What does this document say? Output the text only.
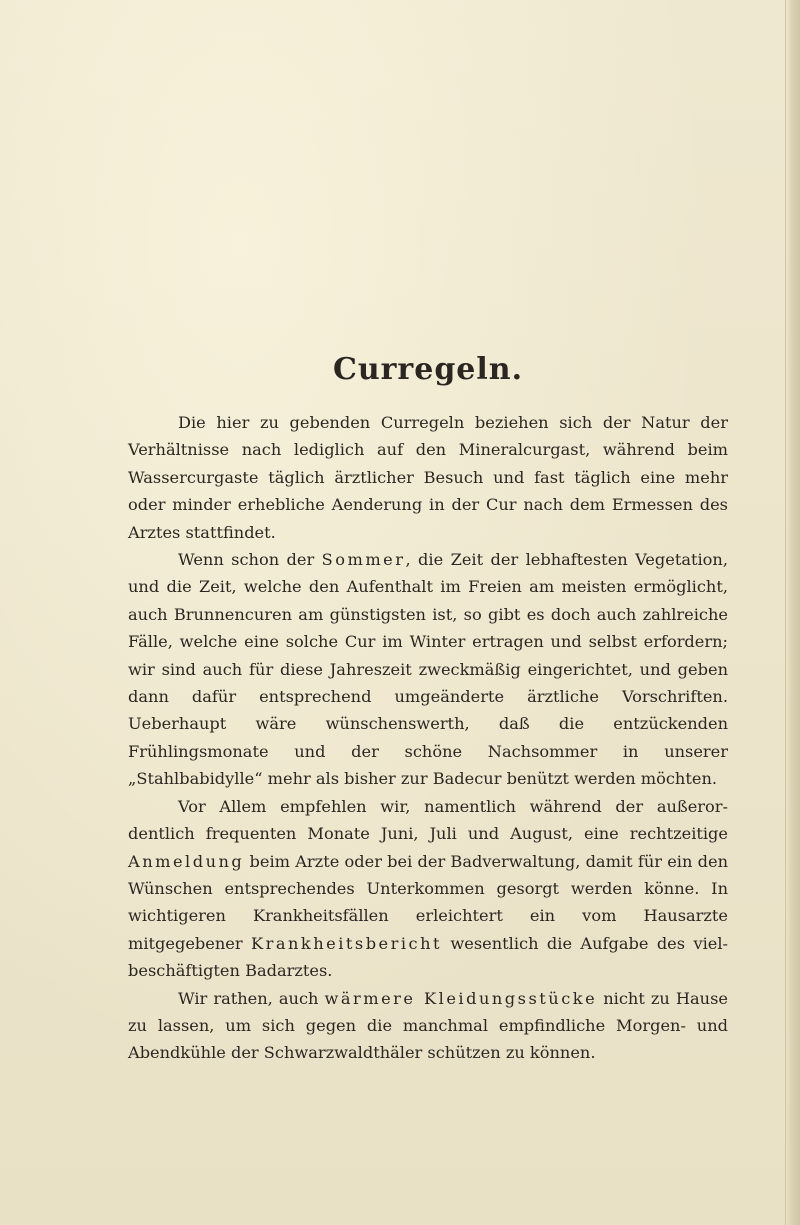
Curregeln.

Die hier zu gebenden Curregeln beziehen sich der Natur der Verhältnisse nach lediglich auf den Mineralcurgast, während beim Wassercurgaste täglich ärztlicher Besuch und fast täglich eine mehr oder minder erhebliche Aenderung in der Cur nach dem Ermessen des Arztes stattfindet.

Wenn schon der Sommer, die Zeit der lebhaftesten Vegetation, und die Zeit, welche den Aufenthalt im Freien am meisten ermöglicht, auch Brunnencuren am günstigsten ist, so gibt es doch auch zahlreiche Fälle, welche eine solche Cur im Winter ertragen und selbst erfordern; wir sind auch für diese Jahreszeit zweckmäßig eingerichtet, und geben dann dafür entsprechend umgeänderte ärztliche Vorschriften. Ueberhaupt wäre wünschenswerth, daß die entzückenden Frühlingsmonate und der schöne Nachsommer in unserer „Stahlbabidylle“ mehr als bisher zur Badecur benützt werden möchten.

Vor Allem empfehlen wir, namentlich während der außerordentlich frequenten Monate Juni, Juli und August, eine rechtzeitige Anmeldung beim Arzte oder bei der Badverwaltung, damit für ein den Wünschen entsprechendes Unterkommen gesorgt werden könne. In wichtigeren Krankheitsfällen erleichtert ein vom Hausarzte mitgegebener Krankheitsbericht wesentlich die Aufgabe des vielbeschäftigten Badarztes.

Wir rathen, auch wärmere Kleidungsstücke nicht zu Hause zu lassen, um sich gegen die manchmal empfindliche Morgen- und Abendkühle der Schwarzwaldthäler schützen zu können.
